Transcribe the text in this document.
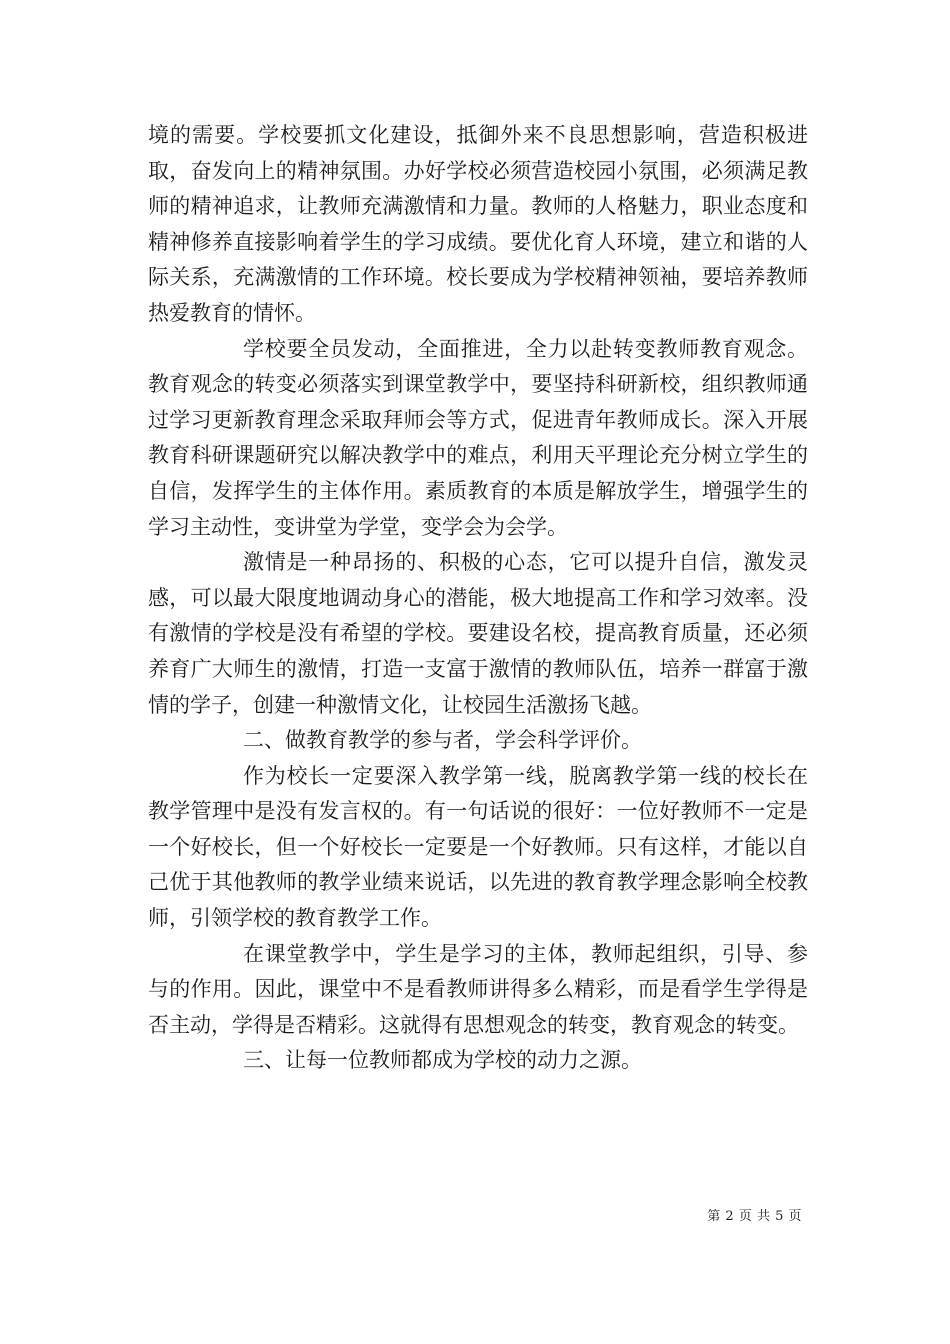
境的需要。学校要抓文化建设，抵御外来不良思想影响，营造积极进取，奋发向上的精神氛围。办好学校必须营造校园小氛围，必须满足教师的精神追求，让教师充满激情和力量。教师的人格魅力，职业态度和精神修养直接影响着学生的学习成绩。要优化育人环境，建立和谐的人际关系，充满激情的工作环境。校长要成为学校精神领袖，要培养教师热爱教育的情怀。

学校要全员发动，全面推进，全力以赴转变教师教育观念。教育观念的转变必须落实到课堂教学中，要坚持科研新校，组织教师通过学习更新教育理念采取拜师会等方式，促进青年教师成长。深入开展教育科研课题研究以解决教学中的难点，利用天平理论充分树立学生的自信，发挥学生的主体作用。素质教育的本质是解放学生，增强学生的学习主动性，变讲堂为学堂，变学会为会学。

激情是一种昂扬的、积极的心态，它可以提升自信，激发灵感，可以最大限度地调动身心的潜能，极大地提高工作和学习效率。没有激情的学校是没有希望的学校。要建设名校，提高教育质量，还必须养育广大师生的激情，打造一支富于激情的教师队伍，培养一群富于激情的学子，创建一种激情文化，让校园生活激扬飞越。

二、做教育教学的参与者，学会科学评价。

作为校长一定要深入教学第一线，脱离教学第一线的校长在教学管理中是没有发言权的。有一句话说的很好：一位好教师不一定是一个好校长，但一个好校长一定要是一个好教师。只有这样，才能以自己优于其他教师的教学业绩来说话，以先进的教育教学理念影响全校教师，引领学校的教育教学工作。

在课堂教学中，学生是学习的主体，教师起组织，引导、参与的作用。因此，课堂中不是看教师讲得多么精彩，而是看学生学得是否主动，学得是否精彩。这就得有思想观念的转变，教育观念的转变。

三、让每一位教师都成为学校的动力之源。

第 2 页 共 5 页
